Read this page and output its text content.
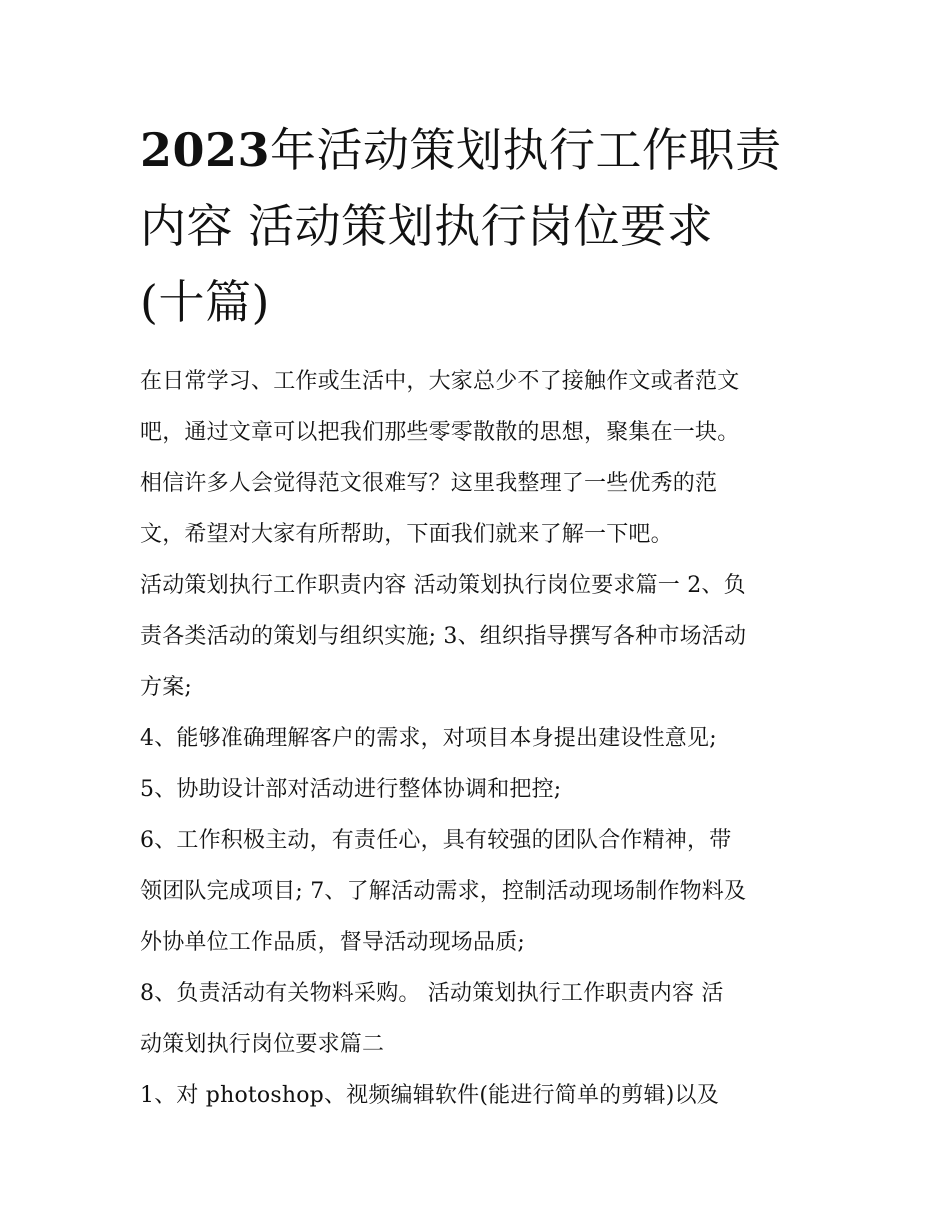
2023年活动策划执行工作职责
内容 活动策划执行岗位要求
(十篇)

在日常学习、工作或生活中，大家总少不了接触作文或者范文
吧，通过文章可以把我们那些零零散散的思想，聚集在一块。
相信许多人会觉得范文很难写？这里我整理了一些优秀的范
文，希望对大家有所帮助，下面我们就来了解一下吧。

活动策划执行工作职责内容 活动策划执行岗位要求篇一 2、负
责各类活动的策划与组织实施; 3、组织指导撰写各种市场活动
方案;

4、能够准确理解客户的需求，对项目本身提出建设性意见;

5、协助设计部对活动进行整体协调和把控;

6、工作积极主动，有责任心，具有较强的团队合作精神，带
领团队完成项目; 7、了解活动需求，控制活动现场制作物料及
外协单位工作品质，督导活动现场品质;

8、负责活动有关物料采购。 活动策划执行工作职责内容 活
动策划执行岗位要求篇二

1、对 photoshop、视频编辑软件(能进行简单的剪辑)以及
